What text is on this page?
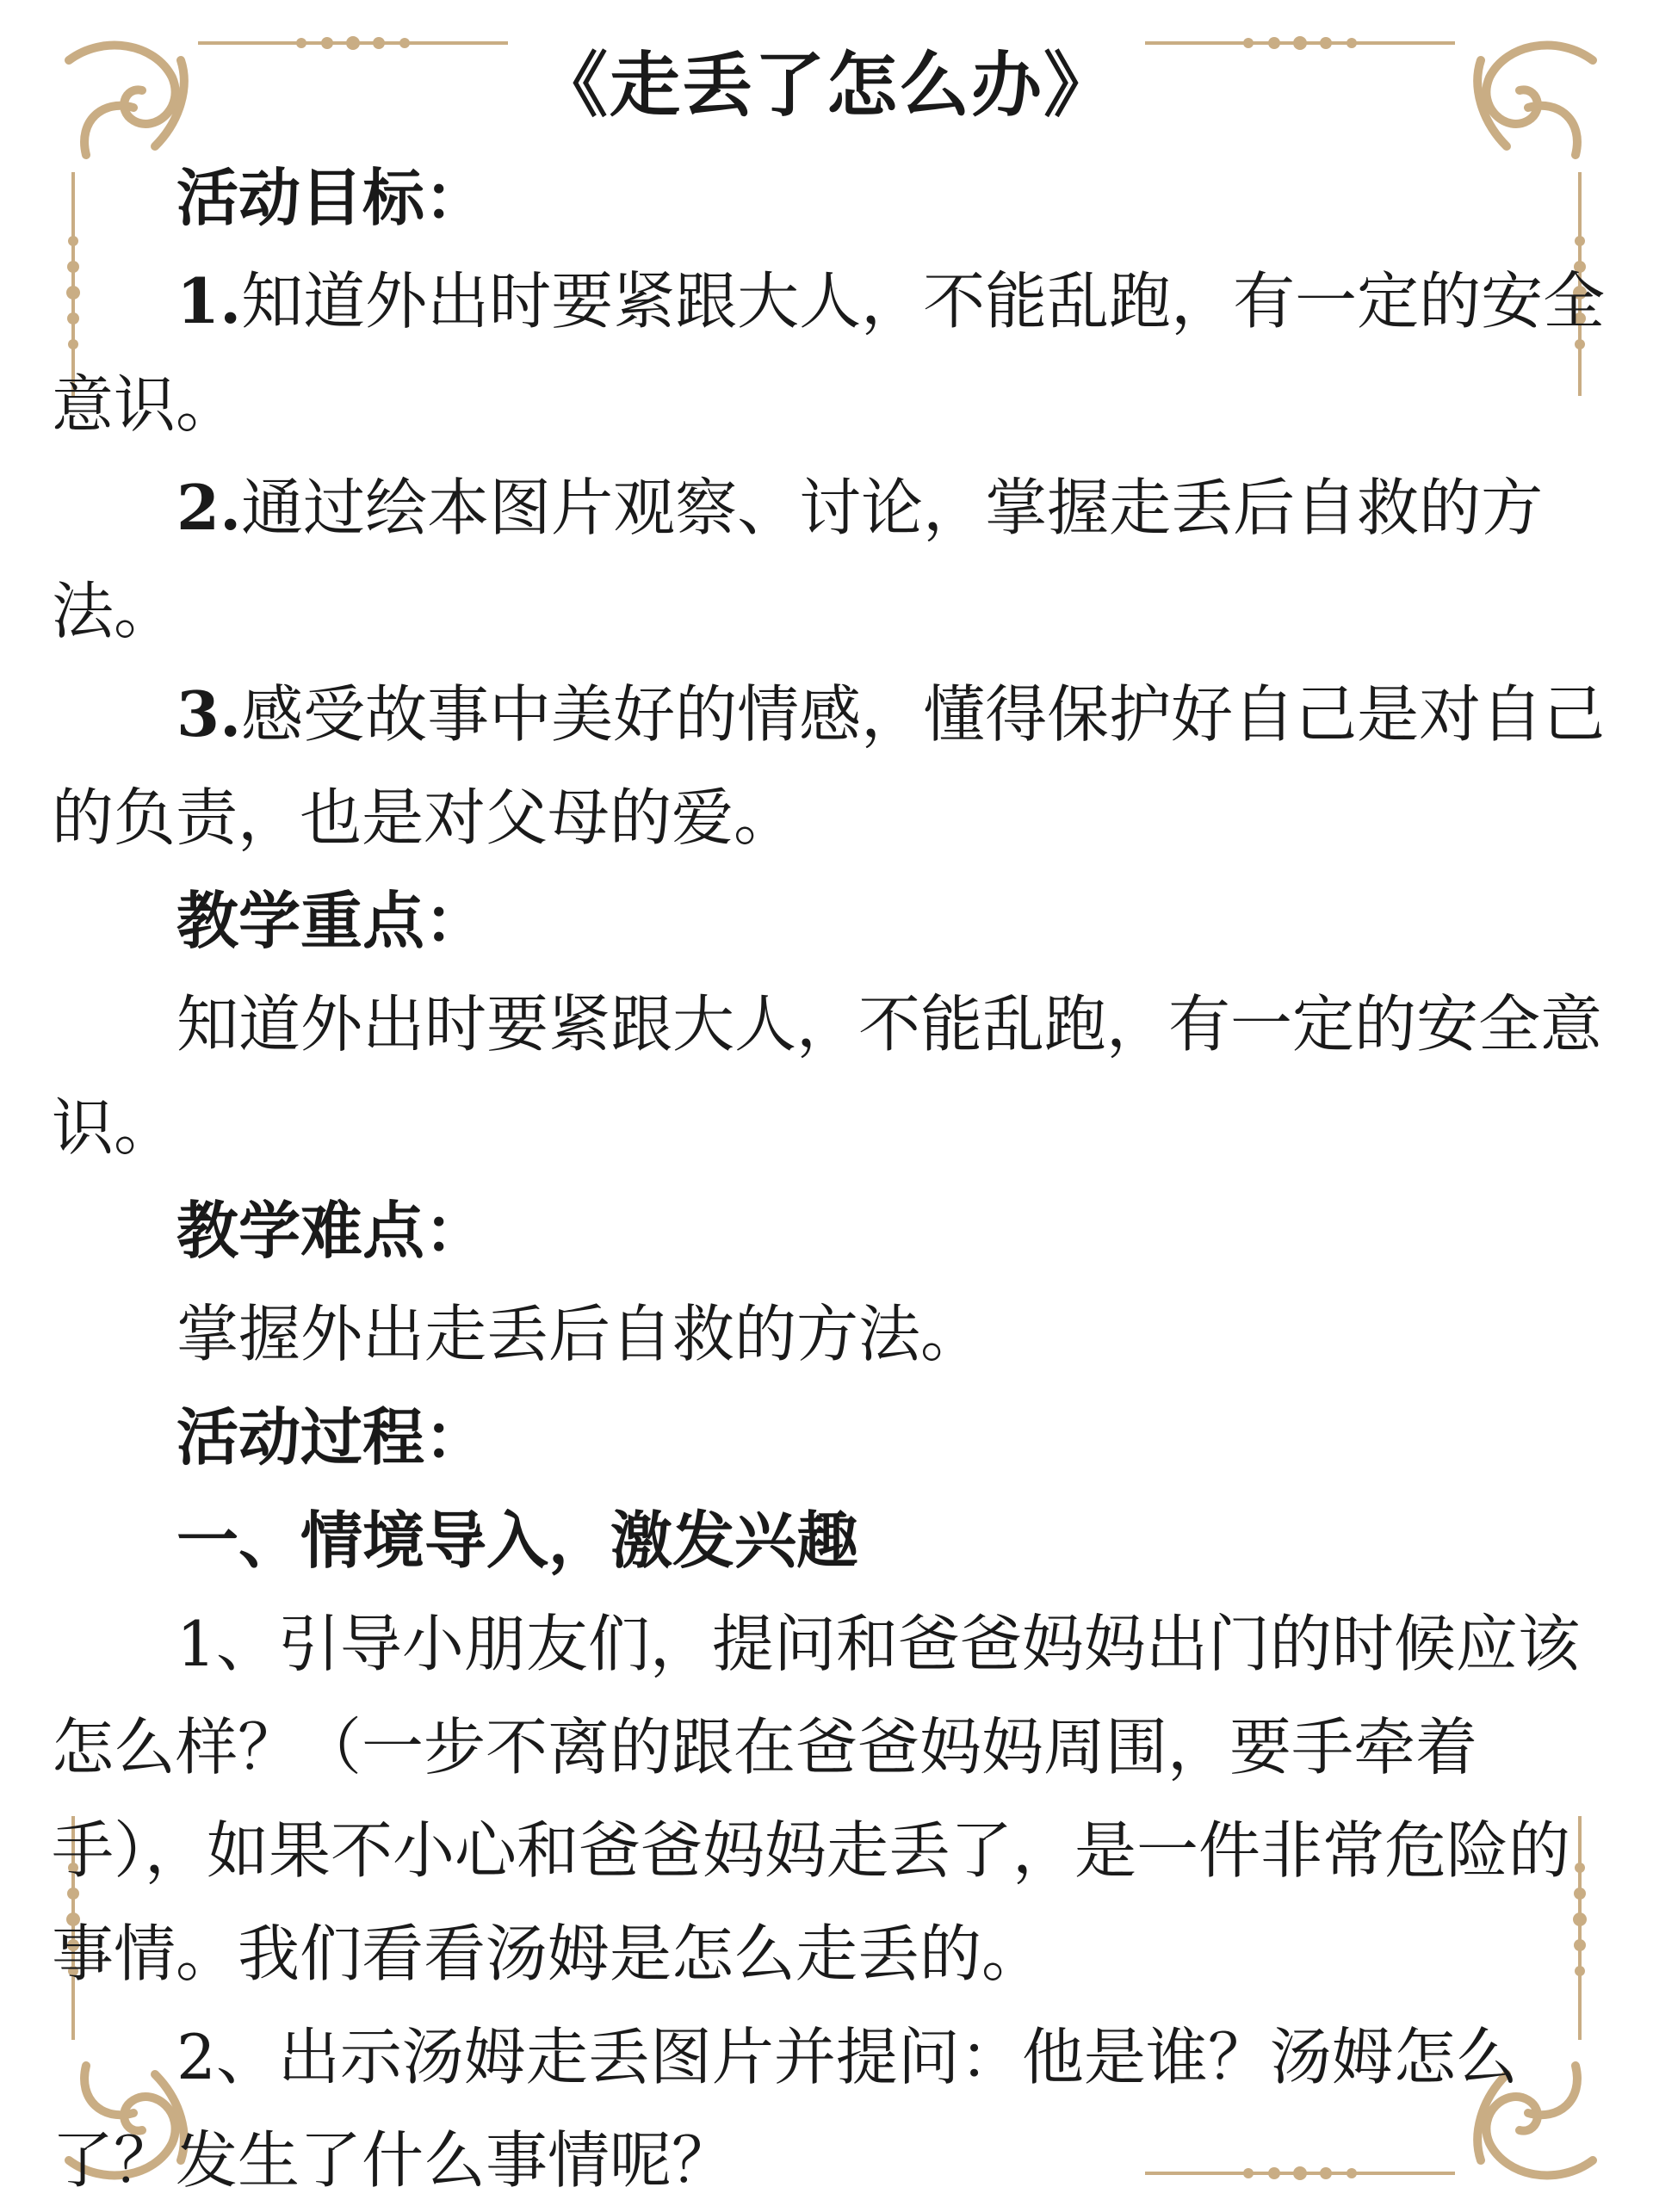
《走丢了怎么办》

活动目标：

1.知道外出时要紧跟大人，不能乱跑，有一定的安全意识。

2.通过绘本图片观察、讨论，掌握走丢后自救的方法。

3.感受故事中美好的情感，懂得保护好自己是对自己的负责，也是对父母的爱。

教学重点：

知道外出时要紧跟大人，不能乱跑，有一定的安全意识。

教学难点：

掌握外出走丢后自救的方法。

活动过程：

一、情境导入，激发兴趣

1、引导小朋友们，提问和爸爸妈妈出门的时候应该怎么样？（一步不离的跟在爸爸妈妈周围，要手牵着手），如果不小心和爸爸妈妈走丢了，是一件非常危险的事情。我们看看汤姆是怎么走丢的。

2、出示汤姆走丢图片并提问：他是谁？汤姆怎么了？发生了什么事情呢？
